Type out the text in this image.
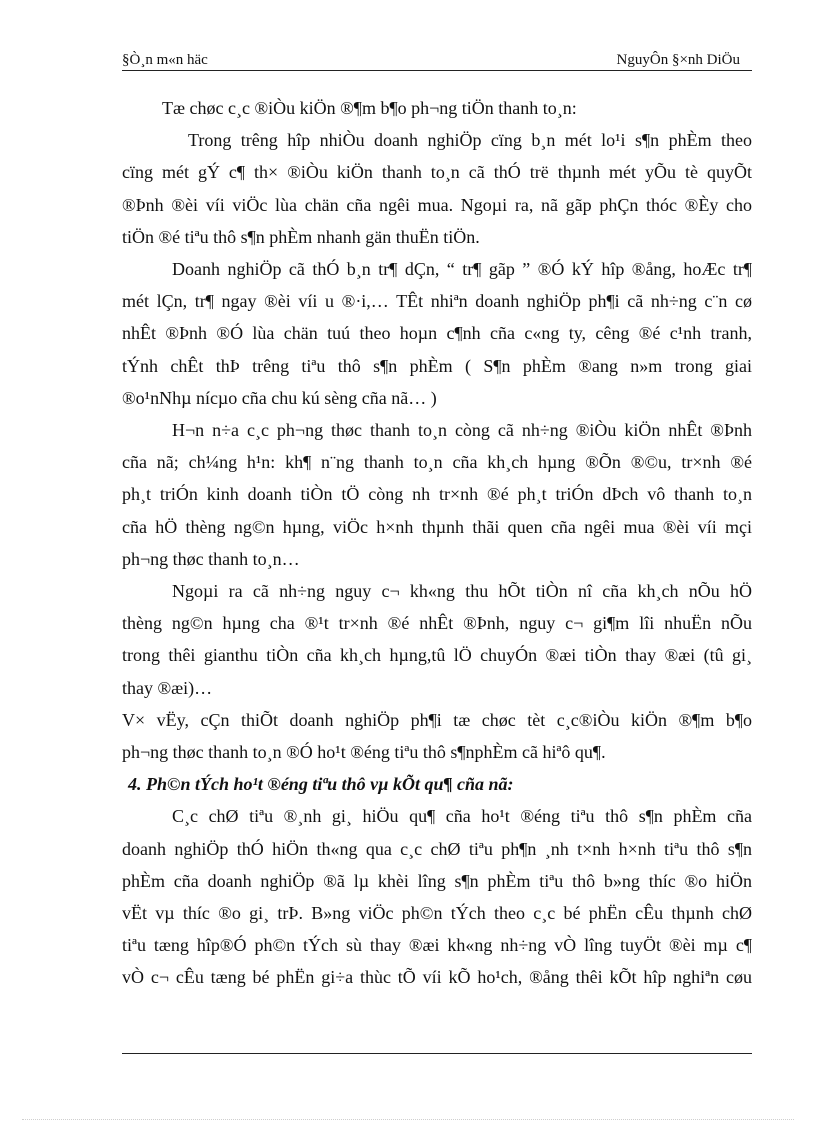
§Ò¸n m«n häc	NguyÔn §×nh DiÖu
Tæ chøc c¸c ®iÒu kiÖn ®¶m b¶o ph¬ng tiÖn thanh to¸n:
Trong trêng hîp nhiÒu doanh nghiÖp cïng b¸n mét lo¹i s¶n phÈm theo
cïng mét gÝ c¶ th× ®iÒu kiÖn thanh to¸n cã thÓ trë thµnh mét yÕu tè quyÕt
®Þnh ®èi víi viÖc lùa chän cña ngêi mua. Ngoµi ra, nã gãp phÇn thóc ®Èy cho
tiÖn ®é tiªu thô s¶n phÈm nhanh gän thuËn tiÖn.
Doanh nghiÖp cã thÓ b¸n tr¶ dÇn, “ tr¶ gãp ” ®Ó kÝ hîp ®ång, hoÆc tr¶
mét lÇn, tr¶ ngay ®èi víi u ®·i,… TÊt nhiªn doanh nghiÖp ph¶i cã nh÷ng c¨n cø
nhÊt ®Þnh ®Ó lùa chän tuú theo hoµn c¶nh cña c«ng ty, cêng ®é c¹nh tranh,
tÝnh chÊt thÞ trêng tiªu thô s¶n phÈm ( S¶n phÈm ®ang n»m trong giai
®o¹nNhµ nícµo cña chu kú sèng cña nã… )
H¬n n÷a c¸c ph¬ng thøc thanh to¸n còng cã nh÷ng ®iÒu kiÖn nhÊt ®Þnh
cña nã; ch¼ng h¹n: kh¶ n¨ng thanh to¸n cña kh¸ch hµng ®Õn ®©u, tr×nh ®é
ph¸t triÓn kinh doanh tiÒn tÖ còng nh tr×nh ®é ph¸t triÓn dÞch vô thanh to¸n
cña hÖ thèng ng©n hµng, viÖc h×nh thµnh thãi quen cña ngêi mua ®èi víi mçi
ph¬ng thøc thanh to¸n…
Ngoµi ra cã nh÷ng nguy c¬ kh«ng thu hÕt tiÒn nî cña kh¸ch nÕu hÖ
thèng ng©n hµng cha ®¹t tr×nh ®é nhÊt ®Þnh, nguy c¬ gi¶m lîi nhuËn nÕu
trong thêi gianthu tiÒn cña kh¸ch hµng,tû lÖ chuyÓn ®æi tiÒn thay ®æi (tû gi¸
thay ®æi)…
V× vËy, cÇn thiÕt doanh nghiÖp ph¶i tæ chøc tèt c¸c®iÒu kiÖn ®¶m b¶o
ph¬ng thøc thanh to¸n ®Ó ho¹t ®éng tiªu thô s¶nphÈm cã hiªô qu¶.
4. Ph©n tÝch ho¹t ®éng tiªu thô vµ kÕt qu¶ cña nã:
C¸c chØ tiªu ®¸nh gi¸ hiÖu qu¶ cña ho¹t ®éng tiªu thô s¶n phÈm cña
doanh nghiÖp thÓ hiÖn th«ng qua c¸c chØ tiªu ph¶n ¸nh t×nh h×nh tiªu thô s¶n
phÈm cña doanh nghiÖp ®ã lµ khèi lîng s¶n phÈm tiªu thô b»ng thíc ®o hiÖn
vËt vµ thíc ®o gi¸ trÞ. B»ng viÖc ph©n tÝch theo c¸c bé phËn cÊu thµnh chØ
tiªu tæng hîp®Ó ph©n tÝch sù thay ®æi kh«ng nh÷ng vÒ lîng tuyÖt ®èi mµ c¶
vÒ c¬ cÊu tæng bé phËn gi÷a thùc tÕ víi kÕ ho¹ch, ®ång thêi kÕt hîp nghiªn cøu
